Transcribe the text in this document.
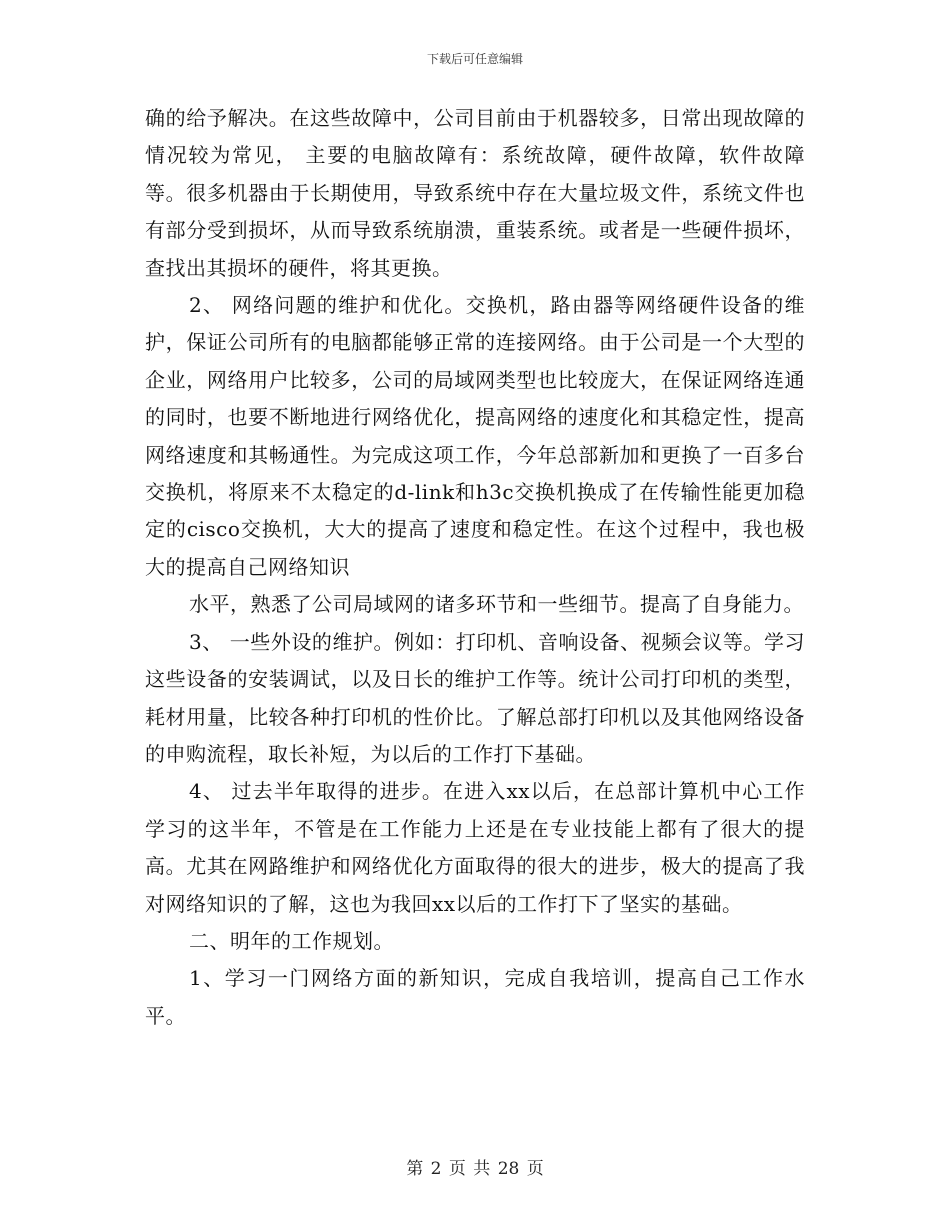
下载后可任意编辑

确的给予解决。在这些故障中，公司目前由于机器较多，日常出现故障的情况较为常见， 主要的电脑故障有：系统故障，硬件故障，软件故障等。很多机器由于长期使用，导致系统中存在大量垃圾文件，系统文件也有部分受到损坏，从而导致系统崩溃，重装系统。或者是一些硬件损坏，查找出其损坏的硬件，将其更换。

2、 网络问题的维护和优化。交换机，路由器等网络硬件设备的维护，保证公司所有的电脑都能够正常的连接网络。由于公司是一个大型的企业，网络用户比较多，公司的局域网类型也比较庞大，在保证网络连通的同时，也要不断地进行网络优化，提高网络的速度化和其稳定性，提高网络速度和其畅通性。为完成这项工作，今年总部新加和更换了一百多台交换机，将原来不太稳定的d-link和h3c交换机换成了在传输性能更加稳定的cisco交换机，大大的提高了速度和稳定性。在这个过程中，我也极大的提高自己网络知识

水平，熟悉了公司局域网的诸多环节和一些细节。提高了自身能力。

3、 一些外设的维护。例如：打印机、音响设备、视频会议等。学习这些设备的安装调试，以及日长的维护工作等。统计公司打印机的类型，耗材用量，比较各种打印机的性价比。了解总部打印机以及其他网络设备的申购流程，取长补短，为以后的工作打下基础。

4、 过去半年取得的进步。在进入xx以后，在总部计算机中心工作学习的这半年，不管是在工作能力上还是在专业技能上都有了很大的提高。尤其在网路维护和网络优化方面取得的很大的进步，极大的提高了我对网络知识的了解，这也为我回xx以后的工作打下了坚实的基础。

二、明年的工作规划。

1、学习一门网络方面的新知识，完成自我培训，提高自己工作水平。

第 2 页 共 28 页
